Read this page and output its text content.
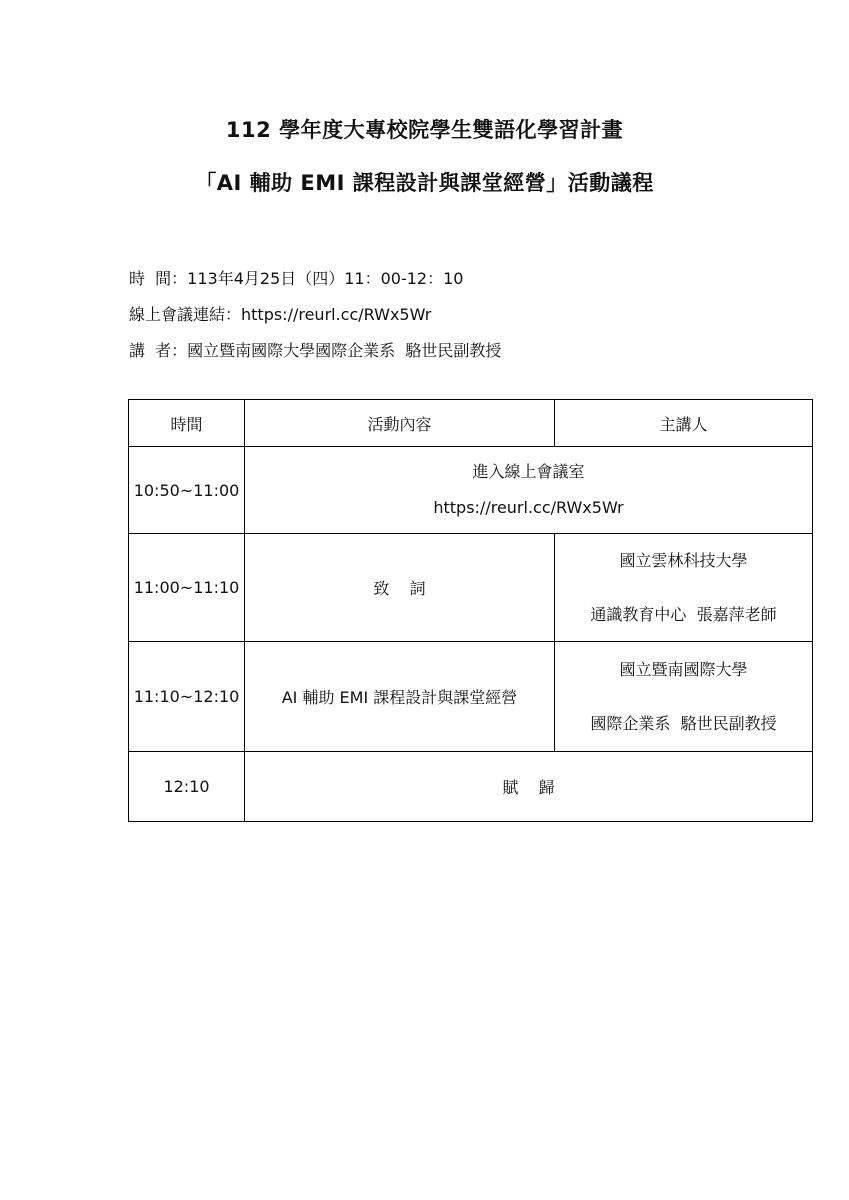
112 學年度大專校院學生雙語化學習計畫
「AI 輔助 EMI 課程設計與課堂經營」活動議程
時  間：113年4月25日（四）11：00-12：10
線上會議連結：https://reurl.cc/RWx5Wr
講  者：國立暨南國際大學國際企業系  駱世民副教授
時間	活動內容	主講人
10:50~11:00	進入線上會議室
https://reurl.cc/RWx5Wr	

11:00~11:10	致    詞	國立雲林科技大學
通識教育中心  張嘉萍老師

11:10~12:10	AI 輔助 EMI 課程設計與課堂經營	國立暨南國際大學
國際企業系  駱世民副教授

12:10	賦    歸	
